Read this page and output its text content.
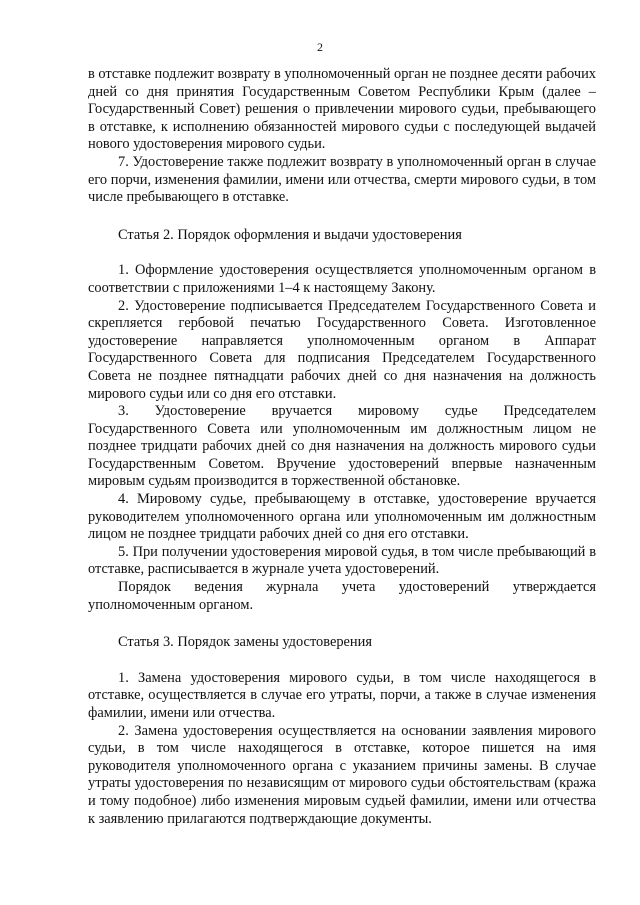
2

в отставке подлежит возврату в уполномоченный орган не позднее десяти рабочих дней со дня принятия Государственным Советом Республики Крым (далее – Государственный Совет) решения о привлечении мирового судьи, пребывающего в отставке, к исполнению обязанностей мирового судьи с последующей выдачей нового удостоверения мирового судьи.

7. Удостоверение также подлежит возврату в уполномоченный орган в случае его порчи, изменения фамилии, имени или отчества, смерти мирового судьи, в том числе пребывающего в отставке.

Статья 2. Порядок оформления и выдачи удостоверения

1. Оформление удостоверения осуществляется уполномоченным органом в соответствии с приложениями 1–4 к настоящему Закону.

2. Удостоверение подписывается Председателем Государственного Совета и скрепляется гербовой печатью Государственного Совета. Изготовленное удостоверение направляется уполномоченным органом в Аппарат Государственного Совета для подписания Председателем Государственного Совета не позднее пятнадцати рабочих дней со дня назначения на должность мирового судьи или со дня его отставки.

3. Удостоверение вручается мировому судье Председателем Государственного Совета или уполномоченным им должностным лицом не позднее тридцати рабочих дней со дня назначения на должность мирового судьи Государственным Советом. Вручение удостоверений впервые назначенным мировым судьям производится в торжественной обстановке.

4. Мировому судье, пребывающему в отставке, удостоверение вручается руководителем уполномоченного органа или уполномоченным им должностным лицом не позднее тридцати рабочих дней со дня его отставки.

5. При получении удостоверения мировой судья, в том числе пребывающий в отставке, расписывается в журнале учета удостоверений.

Порядок ведения журнала учета удостоверений утверждается уполномоченным органом.

Статья 3. Порядок замены удостоверения

1. Замена удостоверения мирового судьи, в том числе находящегося в отставке, осуществляется в случае его утраты, порчи, а также в случае изменения фамилии, имени или отчества.

2. Замена удостоверения осуществляется на основании заявления мирового судьи, в том числе находящегося в отставке, которое пишется на имя руководителя уполномоченного органа с указанием причины замены. В случае утраты удостоверения по независящим от мирового судьи обстоятельствам (кража и тому подобное) либо изменения мировым судьей фамилии, имени или отчества к заявлению прилагаются подтверждающие документы.
